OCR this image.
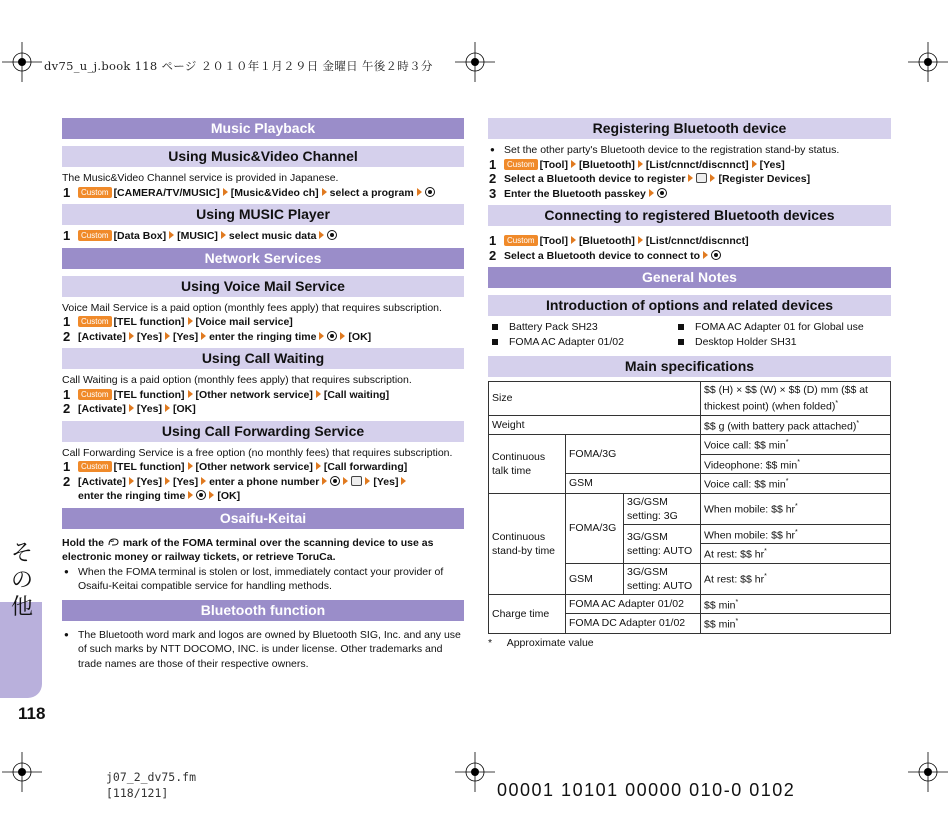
dv75_u_j.book 118 ページ ２０１０年１月２９日 金曜日 午後２時３分
j07_2_dv75.fm
[118/121]	00001 10101 00000 010-0 0102
その他
118
Music Playback
Using Music&Video Channel
The Music&Video Channel service is provided in Japanese.
1 Custom [CAMERA/TV/MUSIC] [Music&Video ch] select a program
Using MUSIC Player
1 Custom [Data Box] [MUSIC] select music data
Network Services
Using Voice Mail Service
Voice Mail Service is a paid option (monthly fees apply) that requires subscription.
1 Custom [TEL function] [Voice mail service]
2 [Activate] [Yes] [Yes] enter the ringing time	[OK]
Using Call Waiting
Call Waiting is a paid option (monthly fees apply) that requires subscription.
1 Custom [TEL function] [Other network service] [Call waiting]
2 [Activate] [Yes] [OK]
Using Call Forwarding Service
Call Forwarding Service is a free option (no monthly fees) that requires subscription.
1 Custom [TEL function] [Other network service] [Call forwarding]
2 [Activate] [Yes] [Yes] enter a phone number	[Yes]
enter the ringing time	[OK]
Osaifu-Keitai
Hold the mark of the FOMA terminal over the scanning device to use as electronic money or railway tickets, or retrieve ToruCa.
● When the FOMA terminal is stolen or lost, immediately contact your provider of Osaifu-Keitai compatible service for handling methods.
Bluetooth function
● The Bluetooth word mark and logos are owned by Bluetooth SIG, Inc. and any use of such marks by NTT DOCOMO, INC. is under license. Other trademarks and trade names are those of their respective owners.
Registering Bluetooth device
● Set the other party's Bluetooth device to the registration stand-by status.
1 Custom [Tool] [Bluetooth] [List/cnnct/discnnct] [Yes]
2 Select a Bluetooth device to register	[Register Devices]
3 Enter the Bluetooth passkey
Connecting to registered Bluetooth devices
1 Custom [Tool] [Bluetooth] [List/cnnct/discnnct]
2 Select a Bluetooth device to connect to
General Notes
Introduction of options and related devices
Battery Pack SH23	FOMA AC Adapter 01 for Global use
FOMA AC Adapter 01/02	Desktop Holder SH31
Main specifications
Size			$$ (H) × $$ (W) × $$ (D) mm ($$ at thickest point) (when folded)*
Weight			$$ g (with battery pack attached)*
Continuous talk time	FOMA/3G		Voice call: $$ min*
			Videophone: $$ min*
	GSM		Voice call: $$ min*
Continuous stand-by time	FOMA/3G	3G/GSM setting: 3G	When mobile: $$ hr*
		3G/GSM setting: AUTO	When mobile: $$ hr*
			At rest: $$ hr*
	GSM	3G/GSM setting: AUTO	At rest: $$ hr*
Charge time	FOMA AC Adapter 01/02		$$ min*
	FOMA DC Adapter 01/02		$$ min*
* Approximate value
